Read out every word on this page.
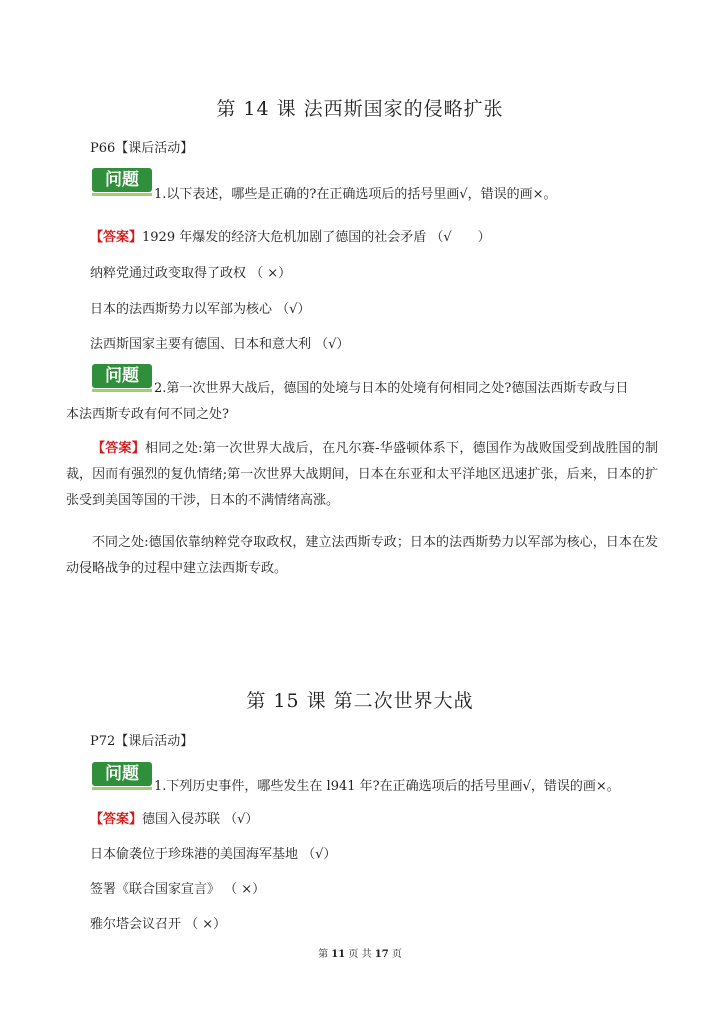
第 14 课 法西斯国家的侵略扩张
P66【课后活动】
问题
1.以下表述，哪些是正确的?在正确选项后的括号里画√，错误的画×。
【答案】1929 年爆发的经济大危机加剧了德国的社会矛盾 （√　　）
纳粹党通过政变取得了政权 （ ×）
日本的法西斯势力以军部为核心 （√）
法西斯国家主要有德国、日本和意大利 （√）
问题
2.第一次世界大战后，德国的处境与日本的处境有何相同之处?德国法西斯专政与日
本法西斯专政有何不同之处?
【答案】相同之处:第一次世界大战后，在凡尔赛-华盛顿体系下，德国作为战败国受到战胜国的制裁，因而有强烈的复仇情绪;第一次世界大战期间，日本在东亚和太平洋地区迅速扩张，后来，日本的扩张受到美国等国的干涉，日本的不满情绪高涨。
不同之处:德国依靠纳粹党夺取政权，建立法西斯专政；日本的法西斯势力以军部为核心，日本在发动侵略战争的过程中建立法西斯专政。
第 15 课 第二次世界大战
P72【课后活动】
问题
1.下列历史事件，哪些发生在 l941 年?在正确选项后的括号里画√，错误的画×。
【答案】德国入侵苏联 （√）
日本偷袭位于珍珠港的美国海军基地 （√）
签署《联合国家宣言》 （ ×）
雅尔塔会议召开 （ ×）
第 11 页 共 17 页
